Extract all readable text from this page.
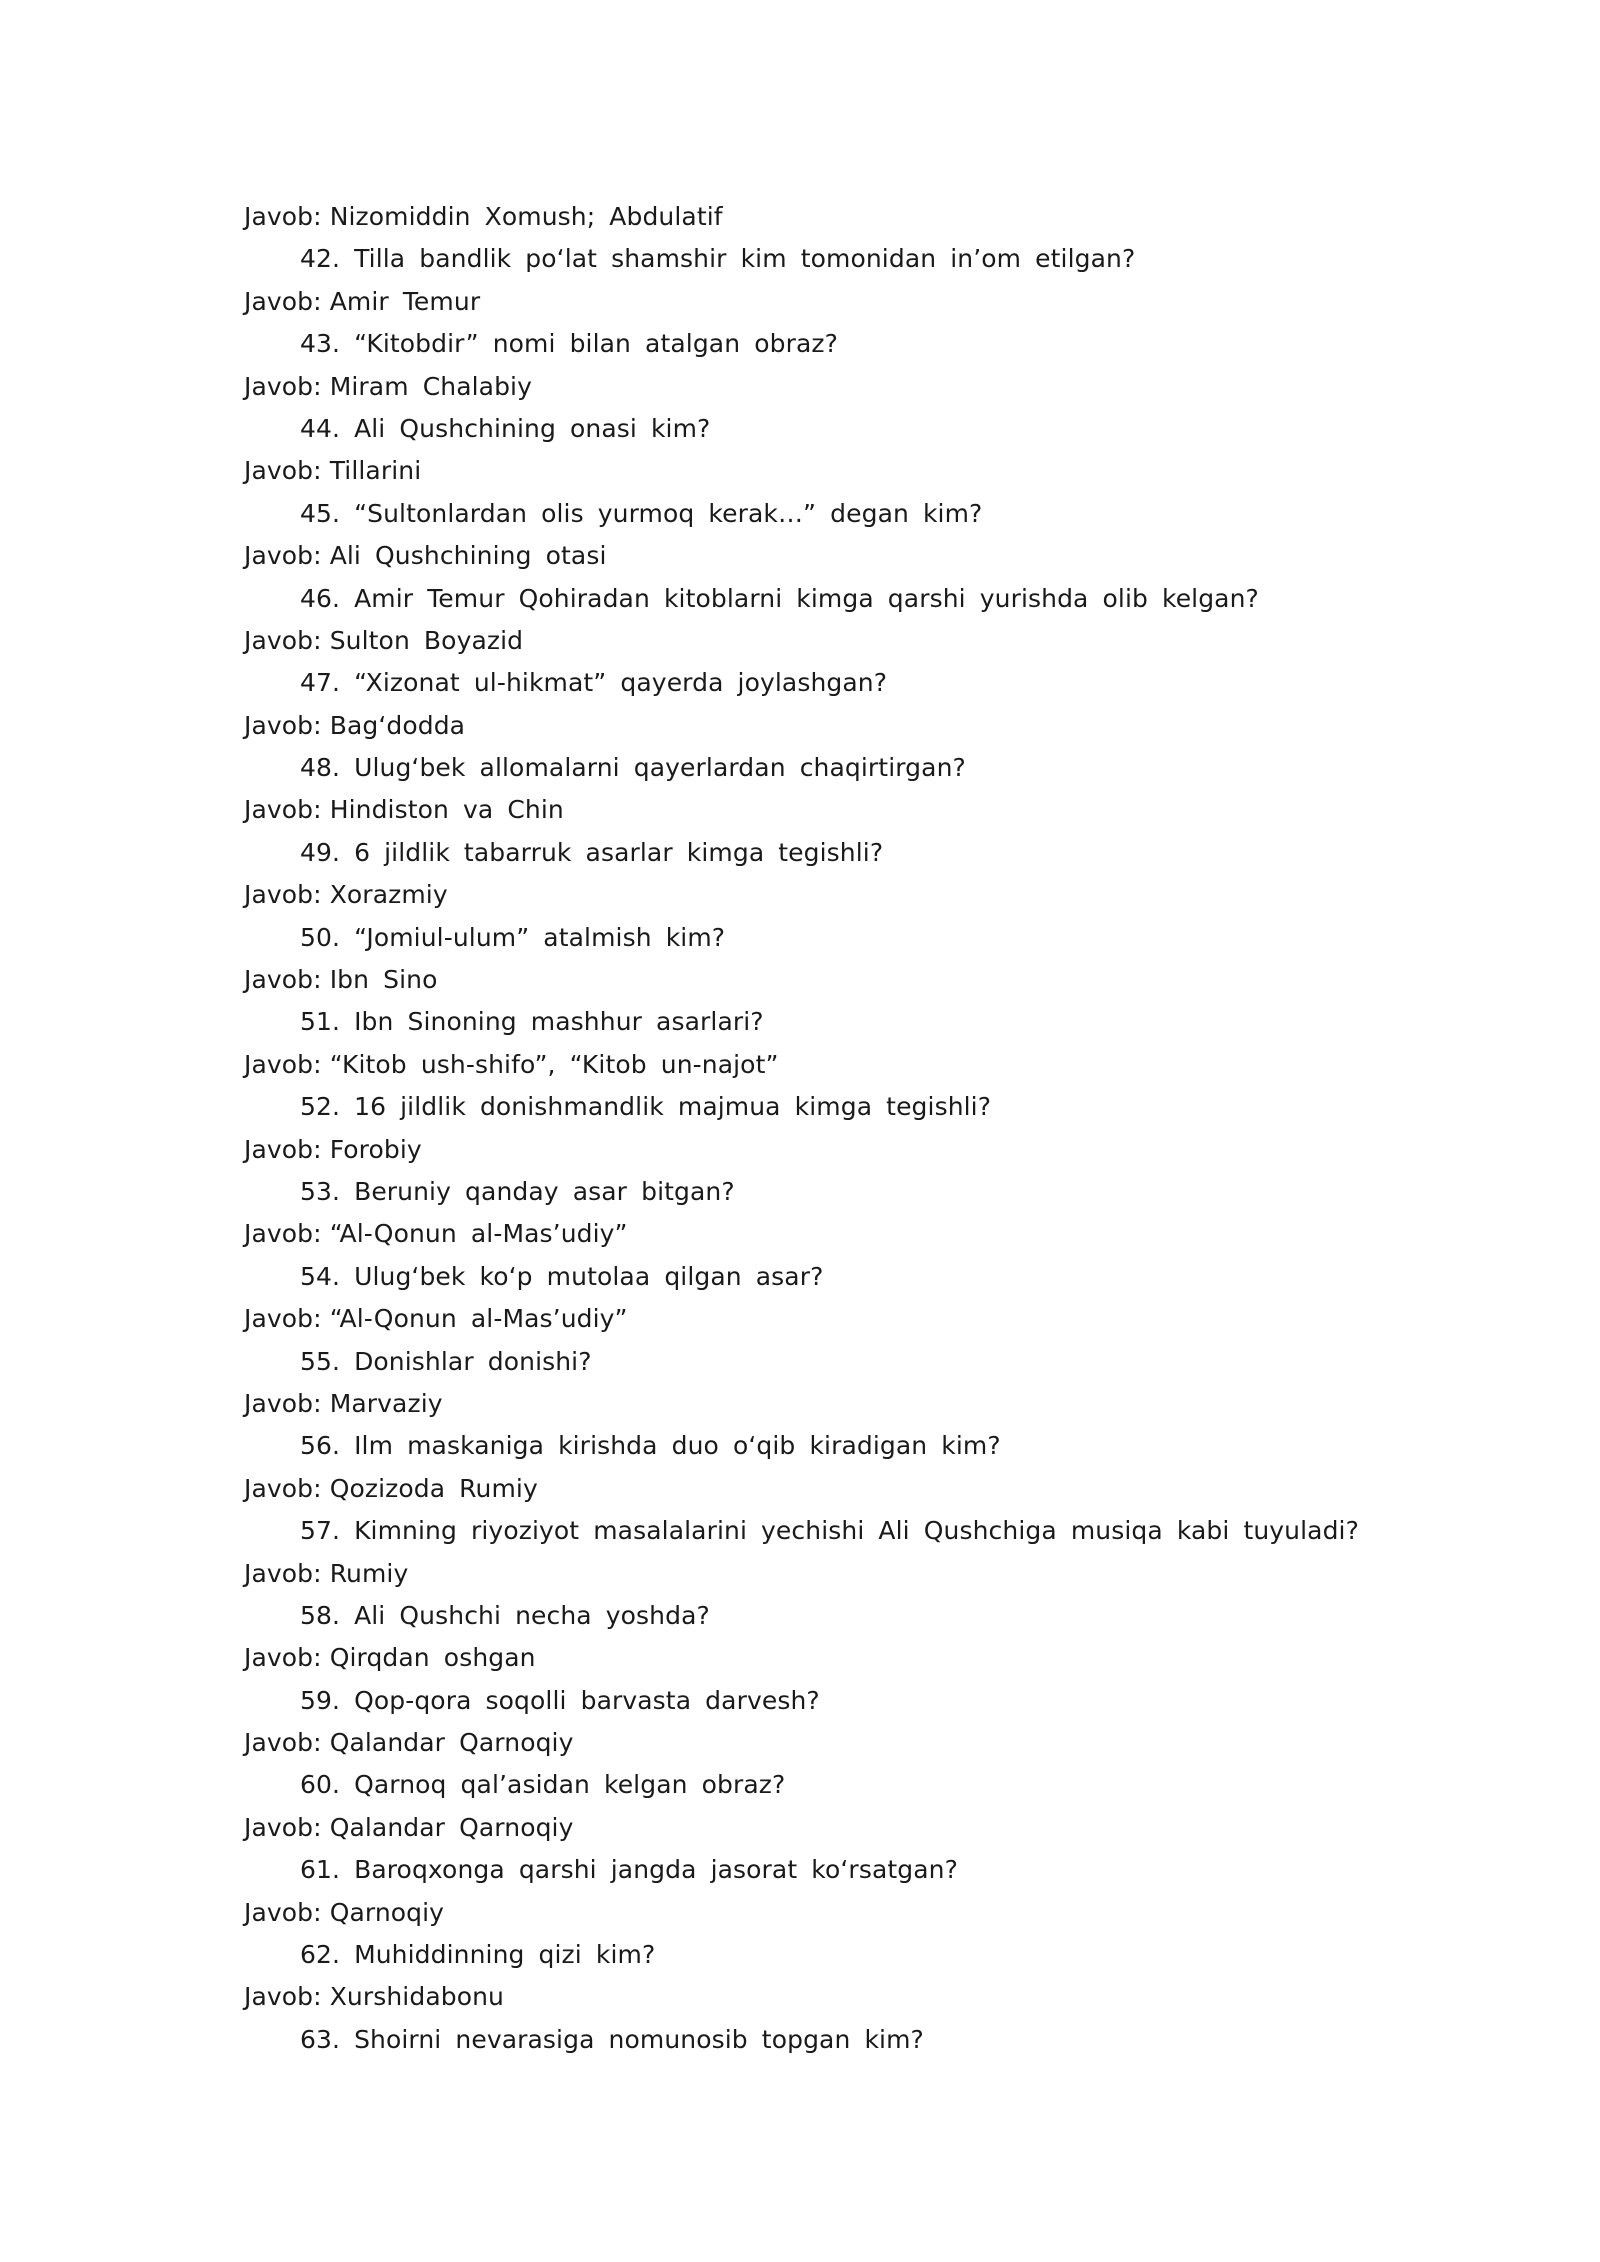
Javob: Nizomiddin Xomush; Abdulatif
42. Tilla bandlik po‘lat shamshir kim tomonidan in’om etilgan?
Javob: Amir Temur
43. “Kitobdir” nomi bilan atalgan obraz?
Javob: Miram Chalabiy
44. Ali Qushchining onasi kim?
Javob: Tillarini
45. “Sultonlardan olis yurmoq kerak…” degan kim?
Javob: Ali Qushchining otasi
46. Amir Temur Qohiradan kitoblarni kimga qarshi yurishda olib kelgan?
Javob: Sulton Boyazid
47. “Xizonat ul-hikmat” qayerda joylashgan?
Javob: Bag‘dodda
48. Ulug‘bek allomalarni qayerlardan chaqirtirgan?
Javob: Hindiston va Chin
49. 6 jildlik tabarruk asarlar kimga tegishli?
Javob: Xorazmiy
50. “Jomiul-ulum” atalmish kim?
Javob: Ibn Sino
51. Ibn Sinoning mashhur asarlari?
Javob: “Kitob ush-shifo”, “Kitob un-najot”
52. 16 jildlik donishmandlik majmua kimga tegishli?
Javob: Forobiy
53. Beruniy qanday asar bitgan?
Javob: “Al-Qonun al-Mas’udiy”
54. Ulug‘bek ko‘p mutolaa qilgan asar?
Javob: “Al-Qonun al-Mas’udiy”
55. Donishlar donishi?
Javob: Marvaziy
56. Ilm maskaniga kirishda duo o‘qib kiradigan kim?
Javob: Qozizoda Rumiy
57. Kimning riyoziyot masalalarini yechishi Ali Qushchiga musiqa kabi tuyuladi?
Javob: Rumiy
58. Ali Qushchi necha yoshda?
Javob: Qirqdan oshgan
59. Qop-qora soqolli barvasta darvesh?
Javob: Qalandar Qarnoqiy
60. Qarnoq qal’asidan kelgan obraz?
Javob: Qalandar Qarnoqiy
61. Baroqxonga qarshi jangda jasorat ko‘rsatgan?
Javob: Qarnoqiy
62. Muhiddinning qizi kim?
Javob: Xurshidabonu
63. Shoirni nevarasiga nomunosib topgan kim?
